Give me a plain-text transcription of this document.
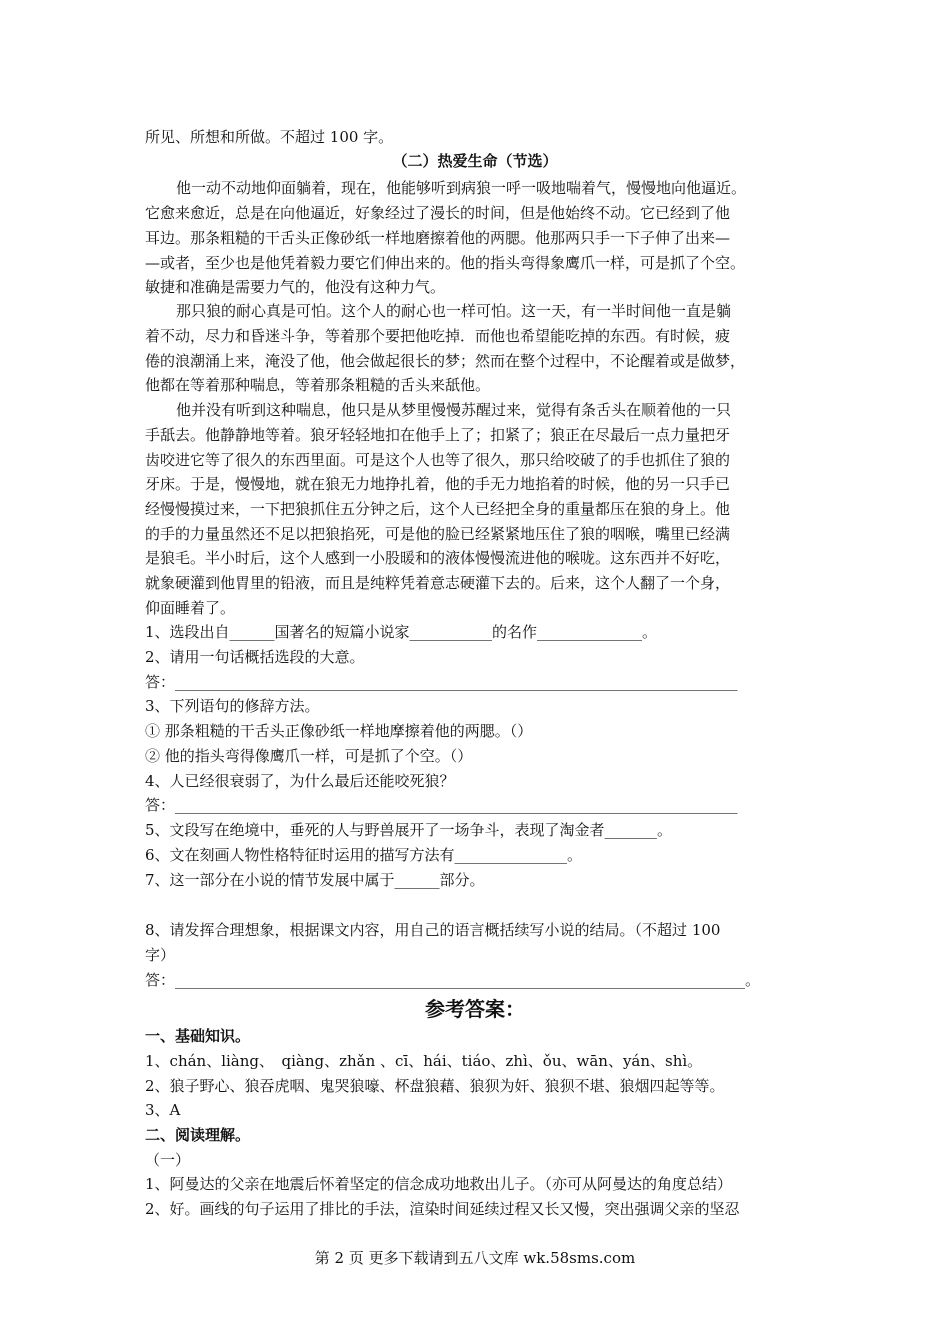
所见、所想和所做。不超过 100 字。
（二）热爱生命（节选）
他一动不动地仰面躺着，现在，他能够听到病狼一呼一吸地喘着气，慢慢地向他逼近。
它愈来愈近，总是在向他逼近，好象经过了漫长的时间，但是他始终不动。它已经到了他
耳边。那条粗糙的干舌头正像砂纸一样地磨擦着他的两腮。他那两只手一下子伸了出来—
—或者，至少也是他凭着毅力要它们伸出来的。他的指头弯得象鹰爪一样，可是抓了个空。
敏捷和准确是需要力气的，他没有这种力气。
那只狼的耐心真是可怕。这个人的耐心也一样可怕。这一天，有一半时间他一直是躺
着不动，尽力和昏迷斗争，等着那个要把他吃掉．而他也希望能吃掉的东西。有时候，疲
倦的浪潮涌上来，淹没了他，他会做起很长的梦；然而在整个过程中，不论醒着或是做梦，
他都在等着那种喘息，等着那条粗糙的舌头来舐他。
他并没有听到这种喘息，他只是从梦里慢慢苏醒过来，觉得有条舌头在顺着他的一只
手舐去。他静静地等着。狼牙轻轻地扣在他手上了；扣紧了；狼正在尽最后一点力量把牙
齿咬进它等了很久的东西里面。可是这个人也等了很久，那只给咬破了的手也抓住了狼的
牙床。于是，慢慢地，就在狼无力地挣扎着，他的手无力地掐着的时候，他的另一只手已
经慢慢摸过来，一下把狼抓住五分钟之后，这个人已经把全身的重量都压在狼的身上。他
的手的力量虽然还不足以把狼掐死，可是他的脸已经紧紧地压住了狼的咽喉，嘴里已经满
是狼毛。半小时后，这个人感到一小股暖和的液体慢慢流进他的喉咙。这东西并不好吃，
就象硬灌到他胃里的铅液，而且是纯粹凭着意志硬灌下去的。后来，这个人翻了一个身，
仰面睡着了。
1、选段出自______国著名的短篇小说家___________的名作______________。
2、请用一句话概括选段的大意。
答：___________________________________________________________________________
3、下列语句的修辞方法。
① 那条粗糙的干舌头正像砂纸一样地摩擦着他的两腮。（）
② 他的指头弯得像鹰爪一样，可是抓了个空。（）
4、人已经很衰弱了，为什么最后还能咬死狼？
答：___________________________________________________________________________
5、文段写在绝境中，垂死的人与野兽展开了一场争斗，表现了淘金者_______。
6、文在刻画人物性格特征时运用的描写方法有_______________。
7、这一部分在小说的情节发展中属于______部分。
8、请发挥合理想象，根据课文内容，用自己的语言概括续写小说的结局。（不超过 100
字）
答：____________________________________________________________________________。
参考答案：
一、基础知识。
1、chán、liàng、　qiàng、zhǎn 、cī、hái、tiáo、zhì、ǒu、wān、yán、shì。
2、狼子野心、狼吞虎咽、鬼哭狼嚎、杯盘狼藉、狼狈为奸、狼狈不堪、狼烟四起等等。
3、A
二、阅读理解。
（一）
1、阿曼达的父亲在地震后怀着坚定的信念成功地救出儿子。（亦可从阿曼达的角度总结）
2、好。画线的句子运用了排比的手法，渲染时间延续过程又长又慢，突出强调父亲的坚忍
第 2 页 更多下载请到五八文库 wk.58sms.com
